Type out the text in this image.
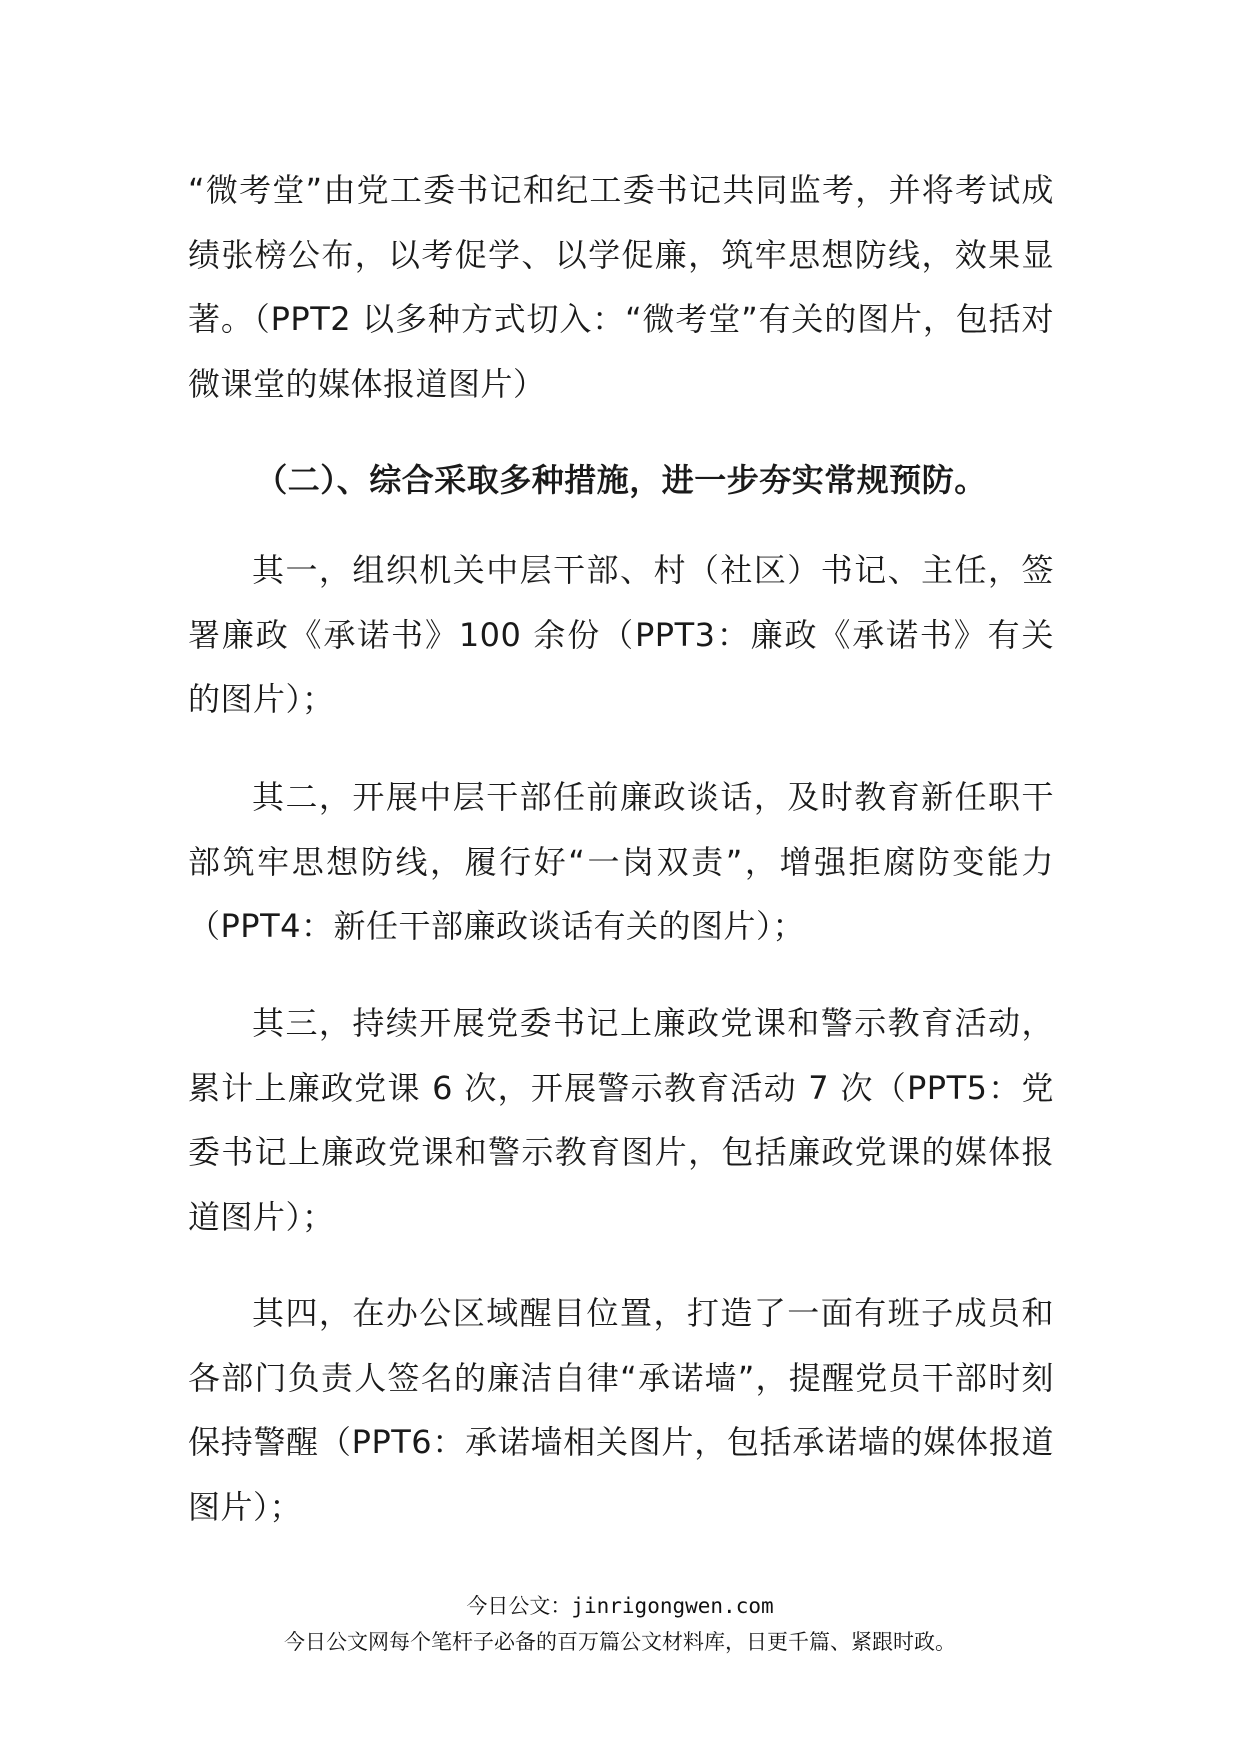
“微考堂”由党工委书记和纪工委书记共同监考，并将考试成绩张榜公布，以考促学、以学促廉，筑牢思想防线，效果显著。（PPT2 以多种方式切入：“微考堂”有关的图片，包括对微课堂的媒体报道图片）

（二）、综合采取多种措施，进一步夯实常规预防。

其一，组织机关中层干部、村（社区）书记、主任，签署廉政《承诺书》100 余份（PPT3：廉政《承诺书》有关的图片）；

其二，开展中层干部任前廉政谈话，及时教育新任职干部筑牢思想防线，履行好“一岗双责”，增强拒腐防变能力（PPT4：新任干部廉政谈话有关的图片）；

其三，持续开展党委书记上廉政党课和警示教育活动，累计上廉政党课 6 次，开展警示教育活动 7 次（PPT5：党委书记上廉政党课和警示教育图片，包括廉政党课的媒体报道图片）；

其四，在办公区域醒目位置，打造了一面有班子成员和各部门负责人签名的廉洁自律“承诺墙”，提醒党员干部时刻保持警醒（PPT6：承诺墙相关图片，包括承诺墙的媒体报道图片）；

今日公文：jinrigongwen.com

今日公文网每个笔杆子必备的百万篇公文材料库，日更千篇、紧跟时政。
